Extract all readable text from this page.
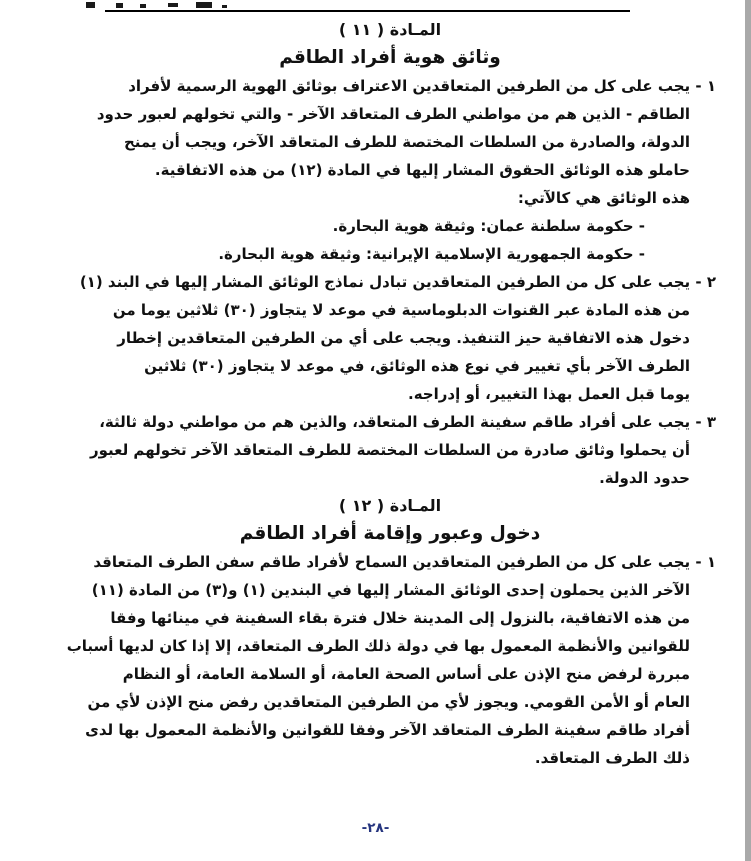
المـادة ( ١١ )
وثائق هوية أفراد الطاقم
١ - يجب على كل من الطرفين المتعاقدين الاعتراف بوثائق الهوية الرسمية لأفراد
الطاقم - الذين هم من مواطني الطرف المتعاقد الآخر - والتي تخولهم لعبور حدود
الدولة، والصادرة من السلطات المختصة للطرف المتعاقد الآخر، ويجب أن يمنح
حاملو هذه الوثائق الحقوق المشار إليها في المادة (١٢) من هذه الاتفاقية.
هذه الوثائق هي كالآتي:
- حكومة سلطنة عمان: وثيقة هوية البحارة.
- حكومة الجمهورية الإسلامية الإيرانية: وثيقة هوية البحارة.
٢ - يجب على كل من الطرفين المتعاقدين تبادل نماذج الوثائق المشار إليها في البند (١)
من هذه المادة عبر القنوات الدبلوماسية في موعد لا يتجاوز (٣٠) ثلاثين يوما من
دخول هذه الاتفاقية حيز التنفيذ. ويجب على أي من الطرفين المتعاقدين إخطار
الطرف الآخر بأي تغيير في نوع هذه الوثائق، في موعد لا يتجاوز (٣٠) ثلاثين
يوما قبل العمل بهذا التغيير، أو إدراجه.
٣ - يجب على أفراد طاقم سفينة الطرف المتعاقد، والذين هم من مواطني دولة ثالثة،
أن يحملوا وثائق صادرة من السلطات المختصة للطرف المتعاقد الآخر تخولهم لعبور
حدود الدولة.
المـادة ( ١٢ )
دخول وعبور وإقامة أفراد الطاقم
١ - يجب على كل من الطرفين المتعاقدين السماح لأفراد طاقم سفن الطرف المتعاقد
الآخر الذين يحملون إحدى الوثائق المشار إليها في البندين (١) و(٣) من المادة (١١)
من هذه الاتفاقية، بالنزول إلى المدينة خلال فترة بقاء السفينة في مينائها وفقا
للقوانين والأنظمة المعمول بها في دولة ذلك الطرف المتعاقد، إلا إذا كان لديها أسباب
مبررة لرفض منح الإذن على أساس الصحة العامة، أو السلامة العامة، أو النظام
العام أو الأمن القومي. ويجوز لأي من الطرفين المتعاقدين رفض منح الإذن لأي من
أفراد طاقم سفينة الطرف المتعاقد الآخر وفقا للقوانين والأنظمة المعمول بها لدى
ذلك الطرف المتعاقد.
-٢٨-
